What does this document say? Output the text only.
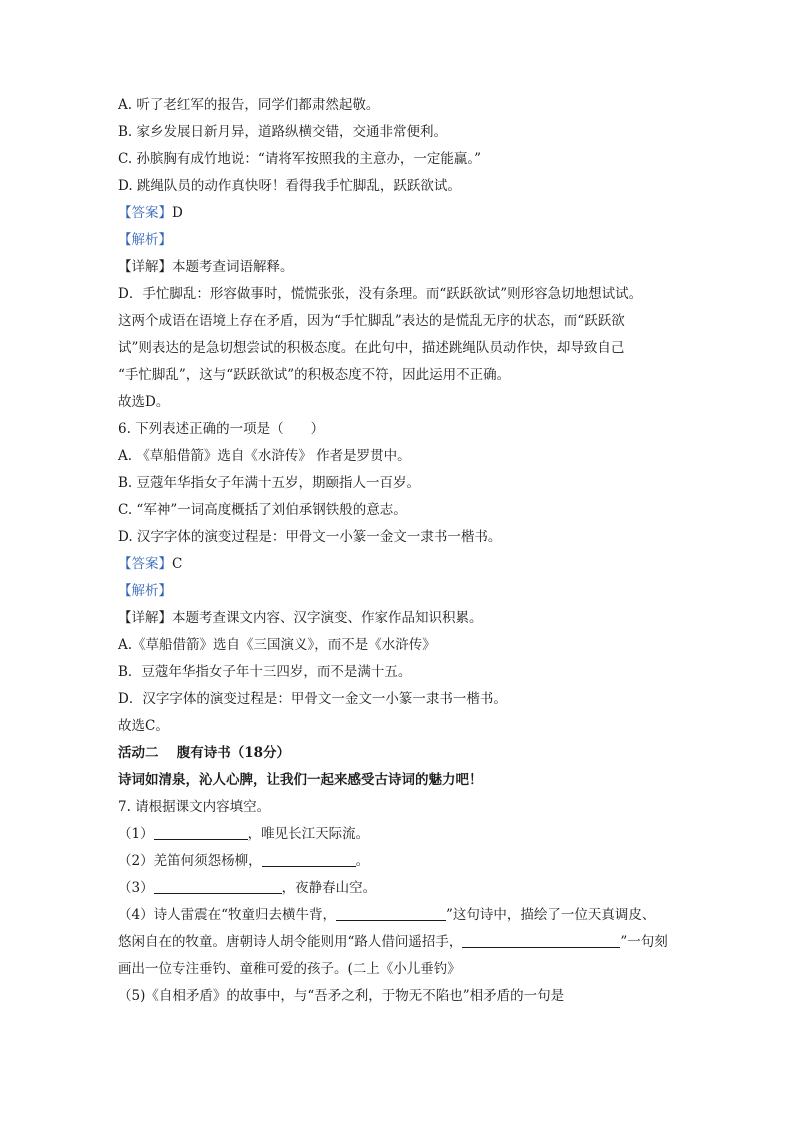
A. 听了老红军的报告，同学们都肃然起敬。
B. 家乡发展日新月异，道路纵横交错，交通非常便利。
C. 孙膑胸有成竹地说：“请将军按照我的主意办，一定能赢。”
D. 跳绳队员的动作真快呀！看得我手忙脚乱，跃跃欲试。
【答案】D
【解析】
【详解】本题考查词语解释。
D．手忙脚乱：形容做事时，慌慌张张，没有条理。而“跃跃欲试”则形容急切地想试试。
这两个成语在语境上存在矛盾，因为“手忙脚乱”表达的是慌乱无序的状态，而“跃跃欲
试”则表达的是急切想尝试的积极态度。在此句中，描述跳绳队员动作快，却导致自己
“手忙脚乱”，这与“跃跃欲试”的积极态度不符，因此运用不正确。
故选D。
6. 下列表述正确的一项是（　　）
A. 《草船借箭》选自《水浒传》 作者是罗贯中。
B. 豆蔻年华指女子年满十五岁，期颐指人一百岁。
C. “军神”一词高度概括了刘伯承钢铁般的意志。
D. 汉字字体的演变过程是：甲骨文一小篆一金文一隶书一楷书。
【答案】C
【解析】
【详解】本题考查课文内容、汉字演变、作家作品知识积累。
A.《草船借箭》选自《三国演义》，而不是《水浒传》
B．豆蔻年华指女子年十三四岁，而不是满十五。
D．汉字字体的演变过程是：甲骨文一金文一小篆一隶书一楷书。
故选C。
活动二　 腹有诗书（18分）
诗词如清泉，沁人心脾，让我们一起来感受古诗词的魅力吧！
7. 请根据课文内容填空。
（1）	，唯见长江天际流。
（2）羌笛何须怨杨柳，	。
（3）	，夜静春山空。
（4）诗人雷震在“牧童归去横牛背，	”这句诗中，描绘了一位天真调皮、
悠闲自在的牧童。唐朝诗人胡令能则用“路人借问遥招手，	”一句刻
画出一位专注垂钓、童稚可爱的孩子。(二上《小儿垂钓》
（5)《自相矛盾》的故事中，与“吾矛之利，于物无不陷也”相矛盾的一句是
